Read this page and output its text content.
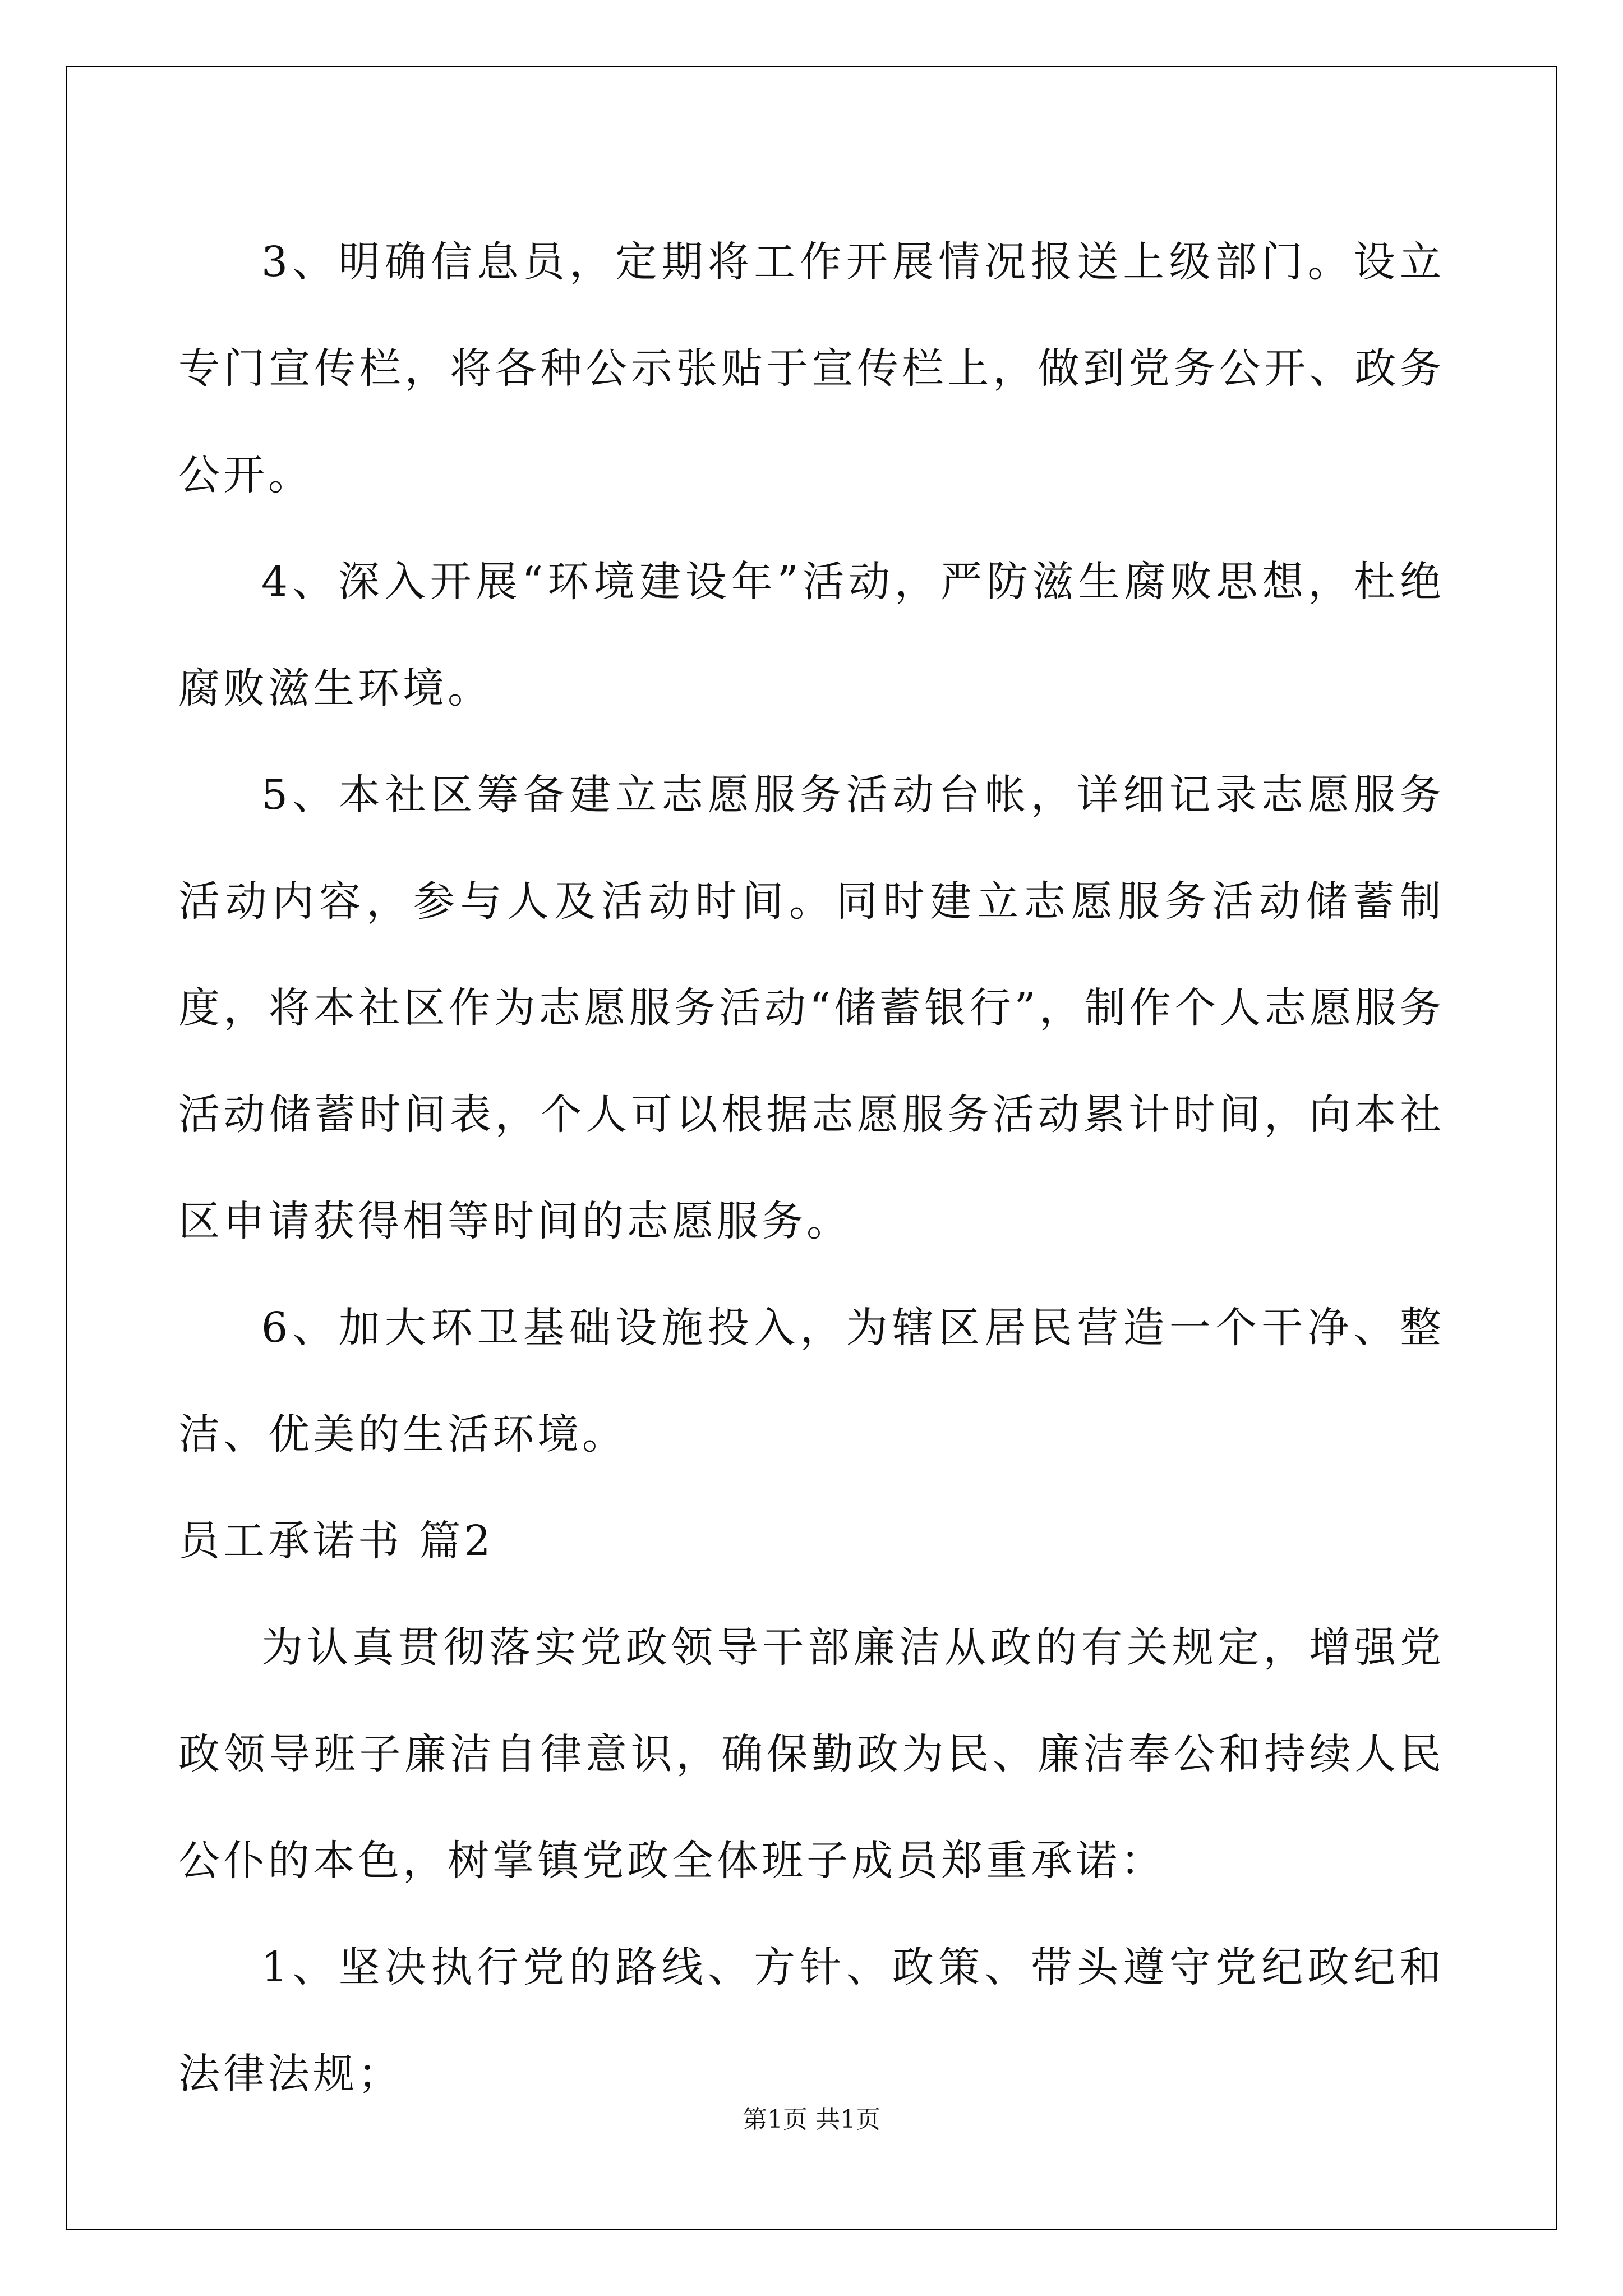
3、明确信息员，定期将工作开展情况报送上级部门。设立专门宣传栏，将各种公示张贴于宣传栏上，做到党务公开、政务公开。

4、深入开展“环境建设年”活动，严防滋生腐败思想，杜绝腐败滋生环境。

5、本社区筹备建立志愿服务活动台帐，详细记录志愿服务活动内容，参与人及活动时间。同时建立志愿服务活动储蓄制度，将本社区作为志愿服务活动“储蓄银行”，制作个人志愿服务活动储蓄时间表，个人可以根据志愿服务活动累计时间，向本社区申请获得相等时间的志愿服务。

6、加大环卫基础设施投入，为辖区居民营造一个干净、整洁、优美的生活环境。

员工承诺书 篇2

为认真贯彻落实党政领导干部廉洁从政的有关规定，增强党政领导班子廉洁自律意识，确保勤政为民、廉洁奉公和持续人民公仆的本色，树掌镇党政全体班子成员郑重承诺：

1、坚决执行党的路线、方针、政策、带头遵守党纪政纪和法律法规；

第1页 共1页
